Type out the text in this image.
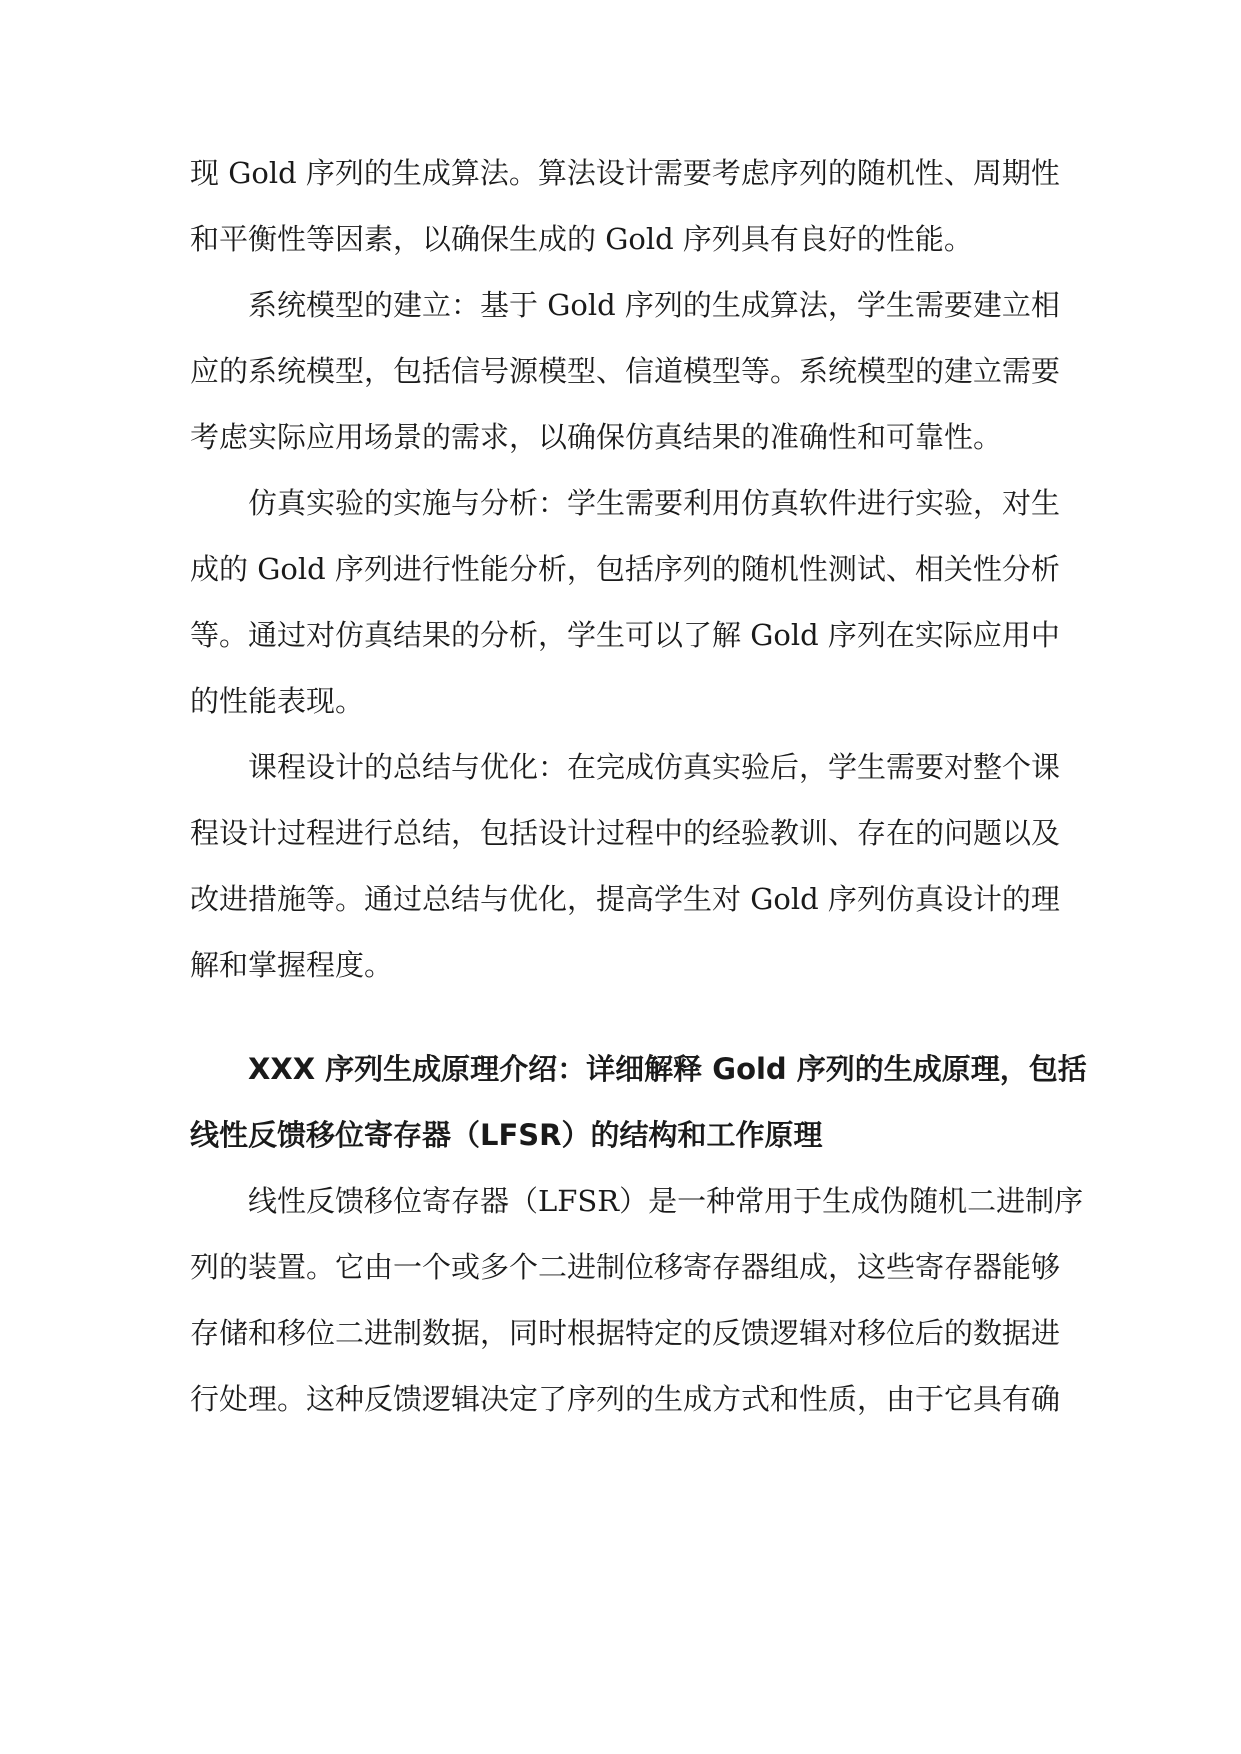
现 Gold 序列的生成算法。算法设计需要考虑序列的随机性、周期性
和平衡性等因素，以确保生成的 Gold 序列具有良好的性能。

系统模型的建立：基于 Gold 序列的生成算法，学生需要建立相
应的系统模型，包括信号源模型、信道模型等。系统模型的建立需要
考虑实际应用场景的需求，以确保仿真结果的准确性和可靠性。

仿真实验的实施与分析：学生需要利用仿真软件进行实验，对生
成的 Gold 序列进行性能分析，包括序列的随机性测试、相关性分析
等。通过对仿真结果的分析，学生可以了解 Gold 序列在实际应用中
的性能表现。

课程设计的总结与优化：在完成仿真实验后，学生需要对整个课
程设计过程进行总结，包括设计过程中的经验教训、存在的问题以及
改进措施等。通过总结与优化，提高学生对 Gold 序列仿真设计的理
解和掌握程度。

XXX 序列生成原理介绍：详细解释 Gold 序列的生成原理，包括
线性反馈移位寄存器（LFSR）的结构和工作原理

线性反馈移位寄存器（LFSR）是一种常用于生成伪随机二进制序
列的装置。它由一个或多个二进制位移寄存器组成，这些寄存器能够
存储和移位二进制数据，同时根据特定的反馈逻辑对移位后的数据进
行处理。这种反馈逻辑决定了序列的生成方式和性质，由于它具有确
